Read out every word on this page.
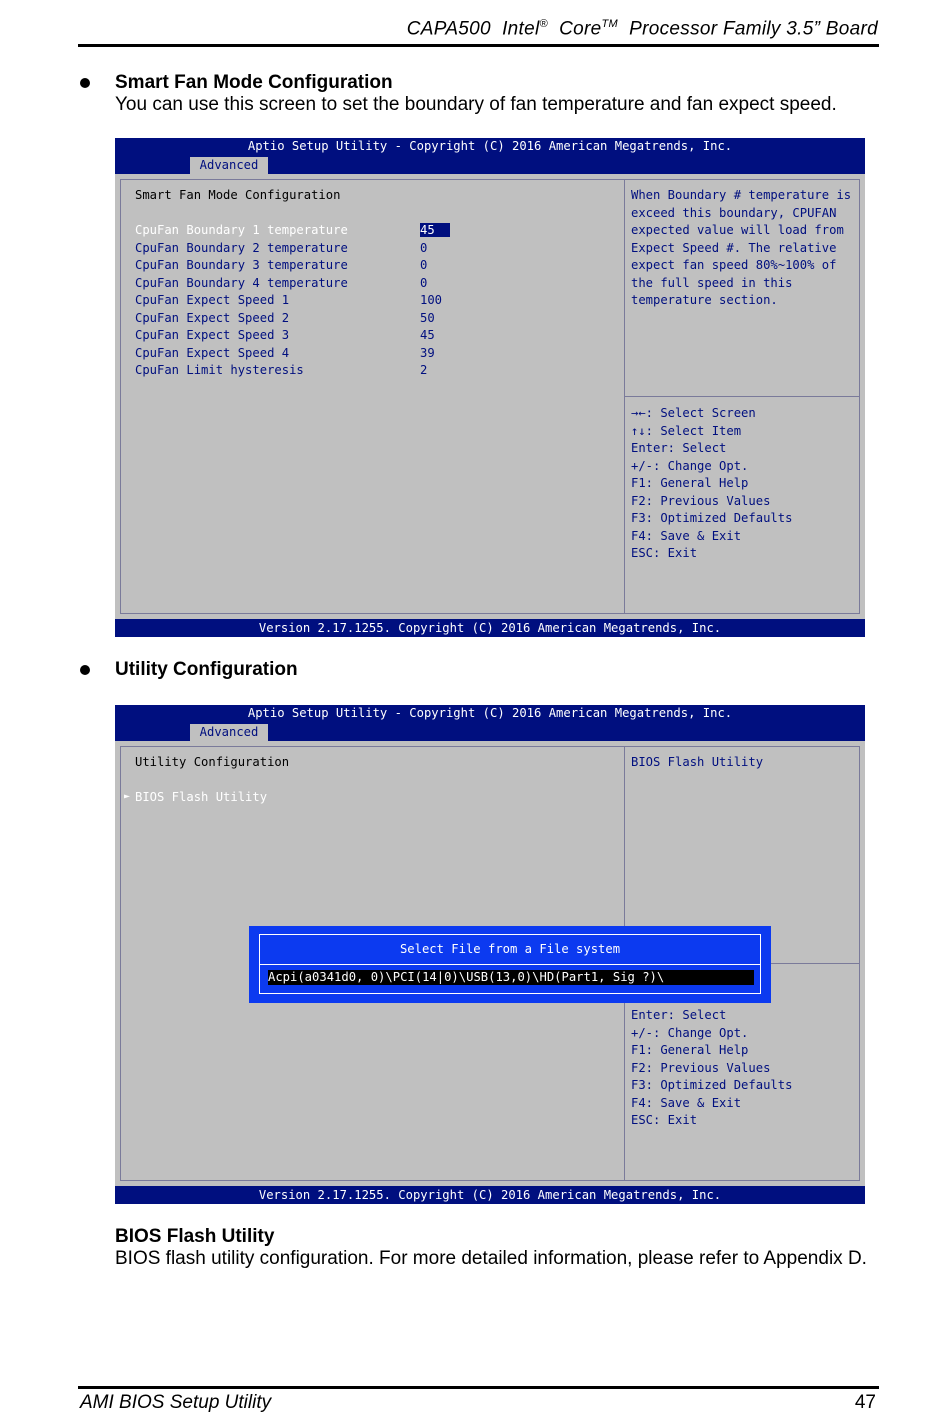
CAPA500 Intel® Core™ Processor Family 3.5” Board
Smart Fan Mode Configuration
You can use this screen to set the boundary of fan temperature and fan expect speed.
Aptio Setup Utility - Copyright (C) 2016 American Megatrends, Inc.
Advanced
Smart Fan Mode Configuration
CpuFan Boundary 1 temperature	45
CpuFan Boundary 2 temperature	0
CpuFan Boundary 3 temperature	0
CpuFan Boundary 4 temperature	0
CpuFan Expect Speed 1	100
CpuFan Expect Speed 2	50
CpuFan Expect Speed 3	45
CpuFan Expect Speed 4	39
CpuFan Limit hysteresis	2
When Boundary # temperature is
exceed this boundary, CPUFAN
expected value will load from
Expect Speed #. The relative
expect fan speed 80%~100% of
the full speed in this
temperature section.
→←: Select Screen
↑↓: Select Item
Enter: Select
+/-: Change Opt.
F1: General Help
F2: Previous Values
F3: Optimized Defaults
F4: Save & Exit
ESC: Exit
Version 2.17.1255. Copyright (C) 2016 American Megatrends, Inc.
Utility Configuration
Aptio Setup Utility - Copyright (C) 2016 American Megatrends, Inc.
Advanced
Utility Configuration
► BIOS Flash Utility
BIOS Flash Utility
Enter: Select
+/-: Change Opt.
F1: General Help
F2: Previous Values
F3: Optimized Defaults
F4: Save & Exit
ESC: Exit
Select File from a File system
Acpi(a0341d0, 0)\PCI(14|0)\USB(13,0)\HD(Part1, Sig ?)\
Version 2.17.1255. Copyright (C) 2016 American Megatrends, Inc.
BIOS Flash Utility
BIOS flash utility configuration. For more detailed information, please refer to Appendix D.
AMI BIOS Setup Utility	47
